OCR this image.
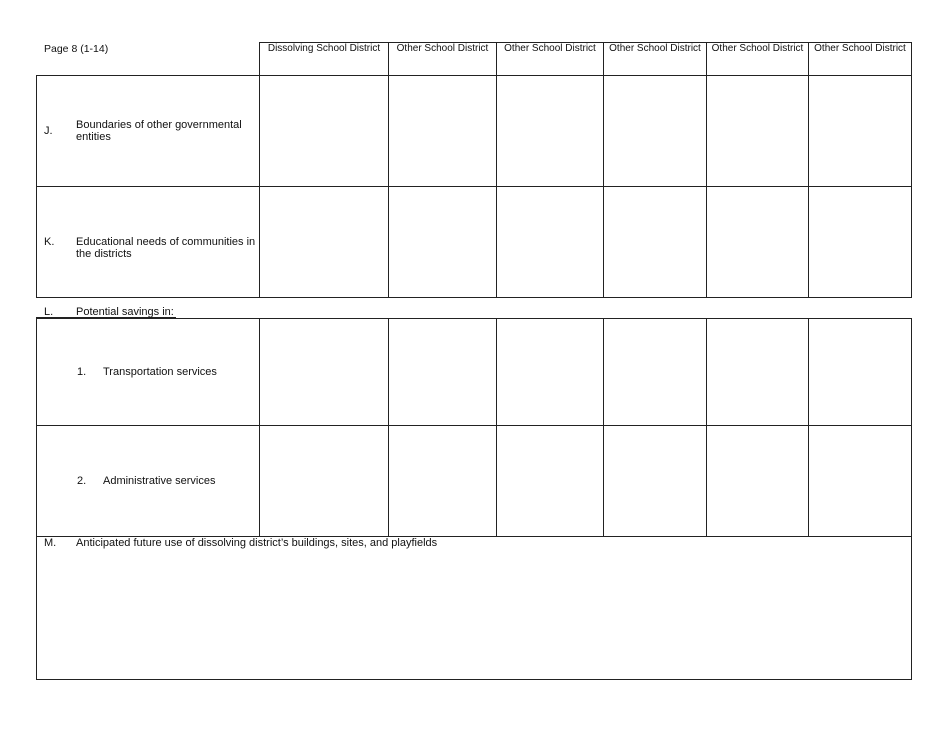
Page 8 (1-14)	Dissolving School District	Other School District	Other School District	Other School District	Other School District	Other School District
J. Boundaries of other governmental entities
K. Educational needs of communities in the districts
L. Potential savings in:
1. Transportation services
2. Administrative services
M. Anticipated future use of dissolving district’s buildings, sites, and playfields
